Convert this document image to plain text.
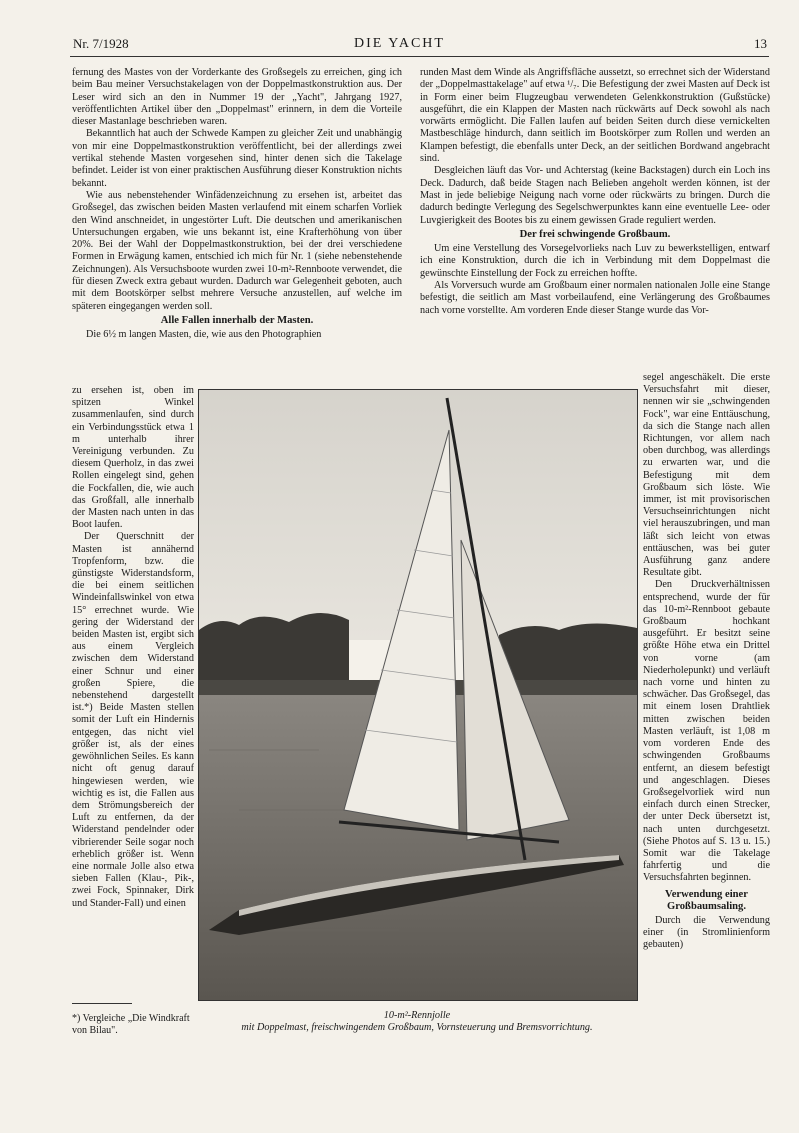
Nr. 7/1928	DIE YACHT	13

fernung des Mastes von der Vorderkante des Großsegels zu erreichen, ging ich beim Bau meiner Versuchstakelagen von der Doppelmastkonstruktion aus. Der Leser wird sich an den in Nummer 19 der „Yacht", Jahrgang 1927, veröffentlichten Artikel über den „Doppelmast" erinnern, in dem die Vorteile dieser Mastanlage beschrieben waren.

Bekanntlich hat auch der Schwede Kampen zu gleicher Zeit und unabhängig von mir eine Doppelmastkonstruktion veröffentlicht, bei der allerdings zwei vertikal stehende Masten vorgesehen sind, hinter denen sich die Takelage befindet. Leider ist von einer praktischen Ausführung dieser Konstruktion nichts bekannt.

Wie aus nebenstehender Winfädenzeichnung zu ersehen ist, arbeitet das Großsegel, das zwischen beiden Masten verlaufend mit einem scharfen Vorliek den Wind anschneidet, in ungestörter Luft. Die deutschen und amerikanischen Untersuchungen ergaben, wie uns bekannt ist, eine Krafterhöhung von über 20%. Bei der Wahl der Doppelmastkonstruktion, bei der drei verschiedene Formen in Erwägung kamen, entschied ich mich für Nr. 1 (siehe nebenstehende Zeichnungen). Als Versuchsboote wurden zwei 10-m²-Rennboote verwendet, die für diesen Zweck extra gebaut wurden. Dadurch war Gelegenheit geboten, auch mit dem Bootskörper selbst mehrere Versuche anzustellen, auf welche im späteren eingegangen werden soll.

Alle Fallen innerhalb der Masten.

Die 6½ m langen Masten, die, wie aus den Photographien

runden Mast dem Winde als Angriffsfläche aussetzt, so errechnet sich der Widerstand der „Doppelmasttakelage" auf etwa ¹/₇. Die Befestigung der zwei Masten auf Deck ist in Form einer beim Flugzeugbau verwendeten Gelenkkonstruktion (Gußstücke) ausgeführt, die ein Klappen der Masten nach rückwärts auf Deck sowohl als nach vorwärts ermöglicht. Die Fallen laufen auf beiden Seiten durch diese vernickelten Mastbeschläge hindurch, dann seitlich im Bootskörper zum Rollen und werden an Klampen befestigt, die ebenfalls unter Deck, an der seitlichen Bordwand angebracht sind.

Desgleichen läuft das Vor- und Achterstag (keine Backstagen) durch ein Loch ins Deck. Dadurch, daß beide Stagen nach Belieben angeholt werden können, ist der Mast in jede beliebige Neigung nach vorne oder rückwärts zu bringen. Durch die dadurch bedingte Verlegung des Segelschwerpunktes kann eine eventuelle Lee- oder Luvgierigkeit des Bootes bis zu einem gewissen Grade reguliert werden.

Der frei schwingende Großbaum.

Um eine Verstellung des Vorsegelvorlieks nach Luv zu bewerkstelligen, entwarf ich eine Konstruktion, durch die ich in Verbindung mit dem Doppelmast die gewünschte Einstellung der Fock zu erreichen hoffte.

Als Vorversuch wurde am Großbaum einer normalen nationalen Jolle eine Stange befestigt, die seitlich am Mast vorbeilaufend, eine Verlängerung des Großbaumes nach vorne vorstellte. Am vorderen Ende dieser Stange wurde das Vor-

zu ersehen ist, oben im spitzen Winkel zusammenlaufen, sind durch ein Verbindungsstück etwa 1 m unterhalb ihrer Vereinigung verbunden. Zu diesem Querholz, in das zwei Rollen eingelegt sind, gehen die Fockfallen, die, wie auch das Großfall, alle innerhalb der Masten nach unten in das Boot laufen.

Der Querschnitt der Masten ist annähernd Tropfenform, bzw. die günstigste Widerstandsform, die bei einem seitlichen Windeinfallswinkel von etwa 15° errechnet wurde. Wie gering der Widerstand der beiden Masten ist, ergibt sich aus einem Vergleich zwischen dem Widerstand einer Schnur und einer großen Spiere, die nebenstehend dargestellt ist.*) Beide Masten stellen somit der Luft ein Hindernis entgegen, das nicht viel größer ist, als der eines gewöhnlichen Seiles. Es kann nicht oft genug darauf hingewiesen werden, wie wichtig es ist, die Fallen aus dem Strömungsbereich der Luft zu entfernen, da der Widerstand pendelnder oder vibrierender Seile sogar noch erheblich größer ist. Wenn eine normale Jolle also etwa sieben Fallen (Klau-, Pik-, zwei Fock, Spinnaker, Dirk und Stander-Fall) und einen

10-m²-Rennjolle
mit Doppelmast, freischwingendem Großbaum, Vornsteuerung und Bremsvorrichtung.

segel angeschäkelt. Die erste Versuchsfahrt mit dieser, nennen wir sie „schwingenden Fock", war eine Enttäuschung, da sich die Stange nach allen Richtungen, vor allem nach oben durchbog, was allerdings zu erwarten war, und die Befestigung mit dem Großbaum sich löste. Wie immer, ist mit provisorischen Versuchseinrichtungen nicht viel herauszubringen, und man läßt sich leicht von etwas enttäuschen, was bei guter Ausführung ganz andere Resultate gibt.

Den Druckverhältnissen entsprechend, wurde der für das 10-m²-Rennboot gebaute Großbaum hochkant ausgeführt. Er besitzt seine größte Höhe etwa ein Drittel von vorne (am Niederholepunkt) und verläuft nach vorne und hinten zu schwächer. Das Großsegel, das mit einem losen Drahtliek mitten zwischen beiden Masten verläuft, ist 1,08 m vom vorderen Ende des schwingenden Großbaums entfernt, an diesem befestigt und angeschlagen. Dieses Großsegelvorliek wird nun einfach durch einen Strecker, der unter Deck übersetzt ist, nach unten durchgesetzt. (Siehe Photos auf S. 13 u. 15.) Somit war die Takelage fahrfertig und die Versuchsfahrten beginnen.

Verwendung einer Großbaumsaling.

Durch die Verwendung einer (in Stromlinienform gebauten)

*) Vergleiche „Die Windkraft von Bilau".
